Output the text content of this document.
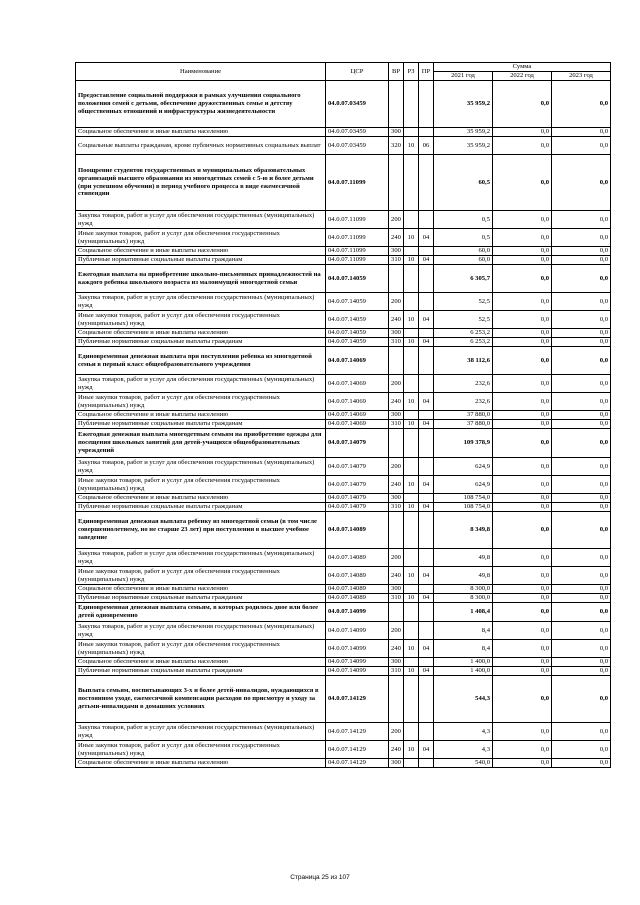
Наименование	ЦСР	ВР	РЗ	ПР	Сумма		
					2021 год	2022 год	2023 год
Предоставление социальной поддержки в рамках улучшения социального положения семей с детьми, обеспечение дружественных семье и детству общественных отношений и инфраструктуры жизнедеятельности	04.0.07.03459				35 959,2	0,0	0,0
Социальное обеспечение и иные выплаты населению	04.0.07.03459	300			35 959,2	0,0	0,0
Социальные выплаты гражданам, кроме публичных нормативных социальных выплат	04.0.07.03459	320	10	06	35 959,2	0,0	0,0
Поощрение студентов государственных и муниципальных образовательных организаций высшего образования из многодетных семей с 5-ю и более детьми (при успешном обучении) в период учебного процесса в виде ежемесячной стипендии	04.0.07.11099				60,5	0,0	0,0
Закупка товаров, работ и услуг для обеспечения государственных (муниципальных) нужд	04.0.07.11099	200			0,5	0,0	0,0
Иные закупки товаров, работ и услуг для обеспечения государственных (муниципальных) нужд	04.0.07.11099	240	10	04	0,5	0,0	0,0
Социальное обеспечение и иные выплаты населению	04.0.07.11099	300			60,0	0,0	0,0
Публичные нормативные социальные выплаты гражданам	04.0.07.11099	310	10	04	60,0	0,0	0,0
Ежегодная выплата на приобретение школьно-письменных принадлежностей на каждого ребенка школьного возраста из малоимущей многодетной семьи	04.0.07.14059				6 305,7	0,0	0,0
Закупка товаров, работ и услуг для обеспечения государственных (муниципальных) нужд	04.0.07.14059	200			52,5	0,0	0,0
Иные закупки товаров, работ и услуг для обеспечения государственных (муниципальных) нужд	04.0.07.14059	240	10	04	52,5	0,0	0,0
Социальное обеспечение и иные выплаты населению	04.0.07.14059	300			6 253,2	0,0	0,0
Публичные нормативные социальные выплаты гражданам	04.0.07.14059	310	10	04	6 253,2	0,0	0,0
Единовременная денежная выплата при поступлении ребенка из многодетной семьи в первый класс общеобразовательного учреждения	04.0.07.14069				38 112,6	0,0	0,0
Закупка товаров, работ и услуг для обеспечения государственных (муниципальных) нужд	04.0.07.14069	200			232,6	0,0	0,0
Иные закупки товаров, работ и услуг для обеспечения государственных (муниципальных) нужд	04.0.07.14069	240	10	04	232,6	0,0	0,0
Социальное обеспечение и иные выплаты населению	04.0.07.14069	300			37 880,0	0,0	0,0
Публичные нормативные социальные выплаты гражданам	04.0.07.14069	310	10	04	37 880,0	0,0	0,0
Ежегодная денежная выплата многодетным семьям на приобретение одежды для посещения школьных занятий для детей-учащихся общеобразовательных учреждений	04.0.07.14079				109 378,9	0,0	0,0
Закупка товаров, работ и услуг для обеспечения государственных (муниципальных) нужд	04.0.07.14079	200			624,9	0,0	0,0
Иные закупки товаров, работ и услуг для обеспечения государственных (муниципальных) нужд	04.0.07.14079	240	10	04	624,9	0,0	0,0
Социальное обеспечение и иные выплаты населению	04.0.07.14079	300			108 754,0	0,0	0,0
Публичные нормативные социальные выплаты гражданам	04.0.07.14079	310	10	04	108 754,0	0,0	0,0
Единовременная денежная выплата ребенку из многодетной семьи (в том числе совершеннолетнему, но не старше 23 лет) при поступлении в высшее учебное заведение	04.0.07.14089				8 349,8	0,0	0,0
Закупка товаров, работ и услуг для обеспечения государственных (муниципальных) нужд	04.0.07.14089	200			49,8	0,0	0,0
Иные закупки товаров, работ и услуг для обеспечения государственных (муниципальных) нужд	04.0.07.14089	240	10	04	49,8	0,0	0,0
Социальное обеспечение и иные выплаты населению	04.0.07.14089	300			8 300,0	0,0	0,0
Публичные нормативные социальные выплаты гражданам	04.0.07.14089	310	10	04	8 300,0	0,0	0,0
Единовременная денежная выплата семьям, в которых родилось двое или более детей одновременно	04.0.07.14099				1 408,4	0,0	0,0
Закупка товаров, работ и услуг для обеспечения государственных (муниципальных) нужд	04.0.07.14099	200			8,4	0,0	0,0
Иные закупки товаров, работ и услуг для обеспечения государственных (муниципальных) нужд	04.0.07.14099	240	10	04	8,4	0,0	0,0
Социальное обеспечение и иные выплаты населению	04.0.07.14099	300			1 400,0	0,0	0,0
Публичные нормативные социальные выплаты гражданам	04.0.07.14099	310	10	04	1 400,0	0,0	0,0
Выплата семьям, воспитывающих 3-х и более детей-инвалидов, нуждающихся в постоянном уходе, ежемесячной компенсации расходов по присмотру и уходу за детьми-инвалидами в домашних условиях	04.0.07.14129				544,3	0,0	0,0
Закупка товаров, работ и услуг для обеспечения государственных (муниципальных) нужд	04.0.07.14129	200			4,3	0,0	0,0
Иные закупки товаров, работ и услуг для обеспечения государственных (муниципальных) нужд	04.0.07.14129	240	10	04	4,3	0,0	0,0
Социальное обеспечение и иные выплаты населению	04.0.07.14129	300			540,0	0,0	0,0
Страница 25 из 107
